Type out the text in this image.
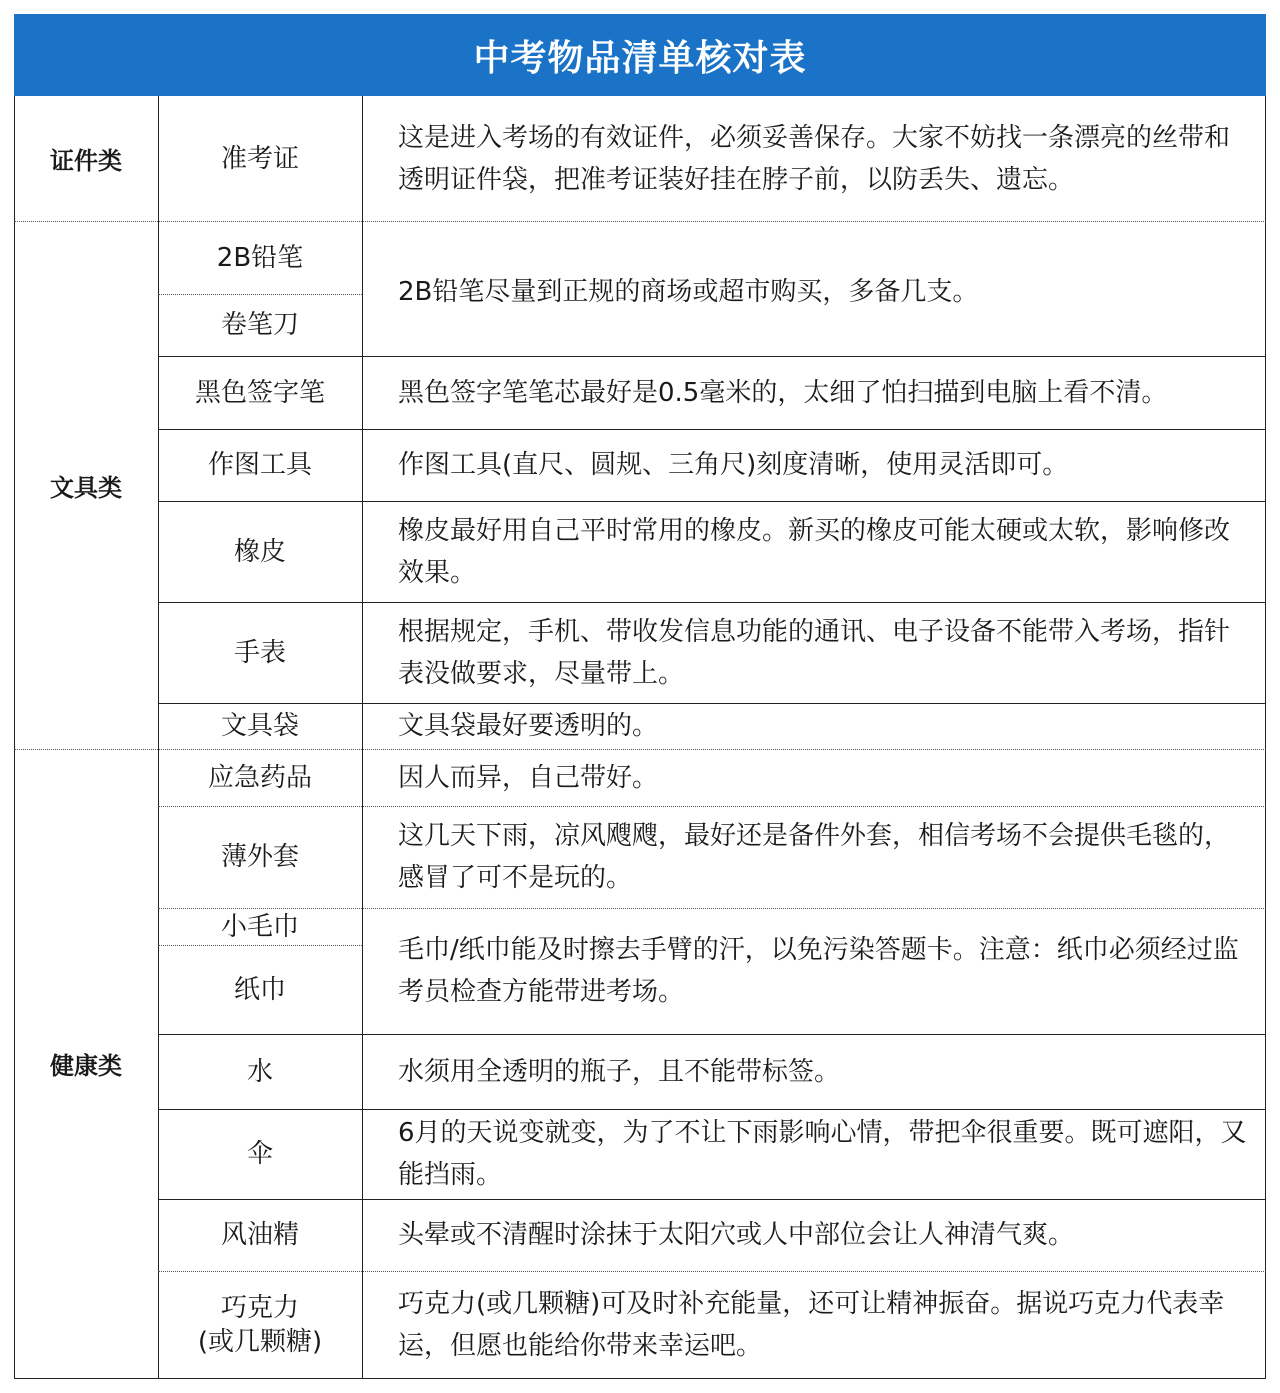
中考物品清单核对表
证件类
文具类
健康类
准考证
2B铅笔
卷笔刀
黑色签字笔
作图工具
橡皮
手表
文具袋
应急药品
薄外套
小毛巾
纸巾
水
伞
风油精
巧克力
(或几颗糖)
这是进入考场的有效证件，必须妥善保存。大家不妨找一条漂亮的丝带和透明证件袋，把准考证装好挂在脖子前，以防丢失、遗忘。
2B铅笔尽量到正规的商场或超市购买，多备几支。
黑色签字笔笔芯最好是0.5毫米的，太细了怕扫描到电脑上看不清。
作图工具(直尺、圆规、三角尺)刻度清晰，使用灵活即可。
橡皮最好用自己平时常用的橡皮。新买的橡皮可能太硬或太软，影响修改效果。
根据规定，手机、带收发信息功能的通讯、电子设备不能带入考场，指针表没做要求，尽量带上。
文具袋最好要透明的。
因人而异，自己带好。
这几天下雨，凉风飕飕，最好还是备件外套，相信考场不会提供毛毯的，感冒了可不是玩的。
毛巾/纸巾能及时擦去手臂的汗，以免污染答题卡。注意：纸巾必须经过监考员检查方能带进考场。
水须用全透明的瓶子，且不能带标签。
6月的天说变就变，为了不让下雨影响心情，带把伞很重要。既可遮阳，又能挡雨。
头晕或不清醒时涂抹于太阳穴或人中部位会让人神清气爽。
巧克力(或几颗糖)可及时补充能量，还可让精神振奋。据说巧克力代表幸运，但愿也能给你带来幸运吧。
